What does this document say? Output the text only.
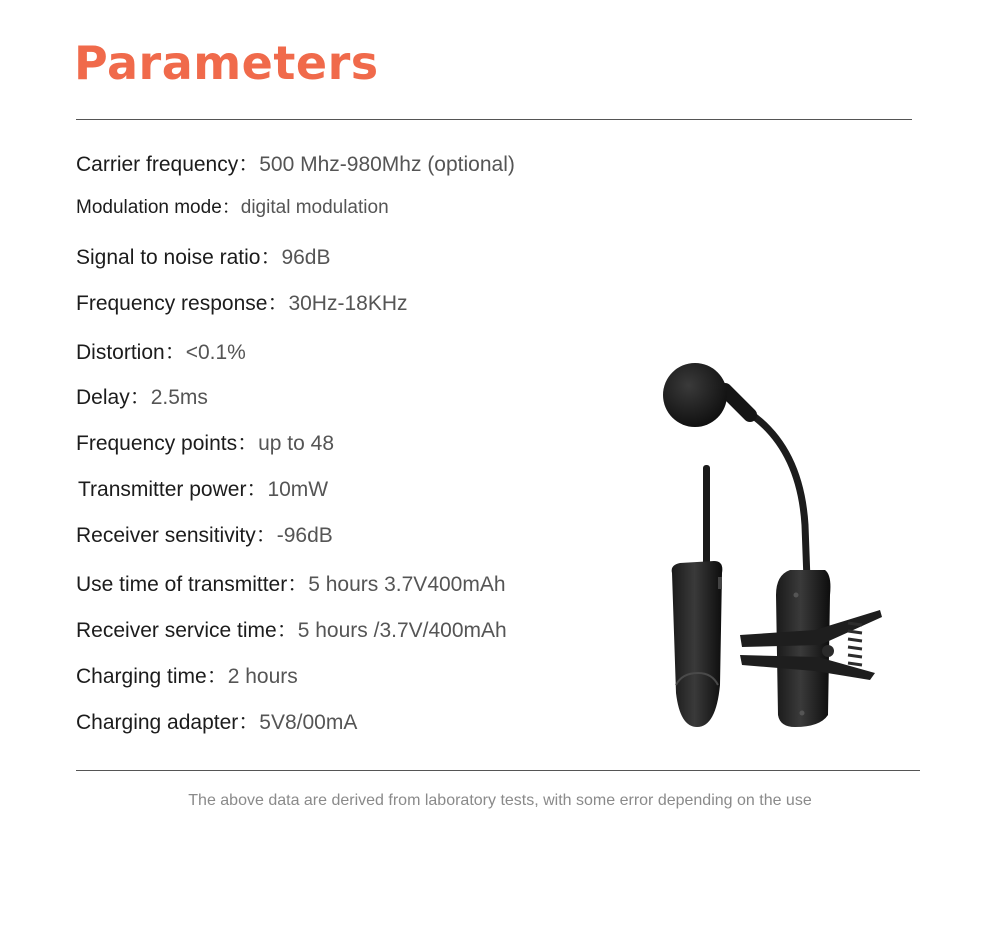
Parameters
Carrier frequency：500 Mhz-980Mhz (optional)
Modulation mode：digital modulation
Signal to noise ratio：96dB
Frequency response：30Hz-18KHz
Distortion：<0.1%
Delay：2.5ms
Frequency points：up to 48
Transmitter power：10mW
Receiver sensitivity：-96dB
Use time of transmitter：5 hours 3.7V400mAh
Receiver service time：5 hours /3.7V/400mAh
Charging time：2 hours
Charging adapter：5V8/00mA
The above data are derived from laboratory tests, with some error depending on the use
